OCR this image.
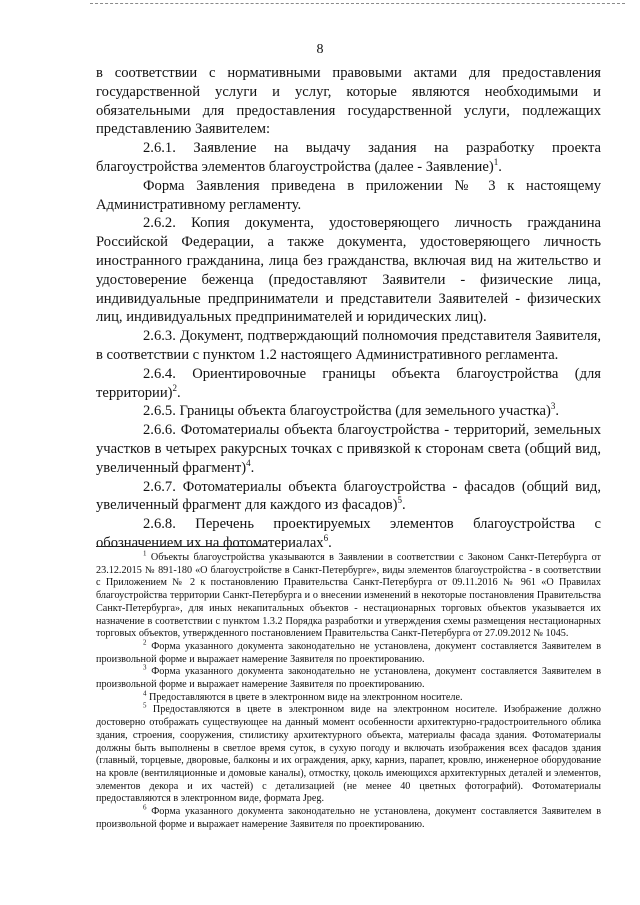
8

в соответствии с нормативными правовыми актами для предоставления государственной услуги и услуг, которые являются необходимыми и обязательными для предоставления государственной услуги, подлежащих представлению Заявителем:

2.6.1. Заявление на выдачу задания на разработку проекта благоустройства элементов благоустройства (далее - Заявление)$^1$.

Форма Заявления приведена в приложении № 3 к настоящему Административному регламенту.

2.6.2. Копия документа, удостоверяющего личность гражданина Российской Федерации, а также документа, удостоверяющего личность иностранного гражданина, лица без гражданства, включая вид на жительство и удостоверение беженца (предоставляют Заявители - физические лица, индивидуальные предприниматели и представители Заявителей - физических лиц, индивидуальных предпринимателей и юридических лиц).

2.6.3. Документ, подтверждающий полномочия представителя Заявителя, в соответствии с пунктом 1.2 настоящего Административного регламента.

2.6.4. Ориентировочные границы объекта благоустройства (для территории)$^2$.

2.6.5. Границы объекта благоустройства (для земельного участка)$^3$.

2.6.6. Фотоматериалы объекта благоустройства - территорий, земельных участков в четырех ракурсных точках с привязкой к сторонам света (общий вид, увеличенный фрагмент)$^4$.

2.6.7. Фотоматериалы объекта благоустройства - фасадов (общий вид, увеличенный фрагмент для каждого из фасадов)$^5$.

2.6.8. Перечень проектируемых элементов благоустройства с обозначением их на фотоматериалах$^6$.

$^1$ Объекты благоустройства указываются в Заявлении в соответствии с Законом Санкт-Петербурга от 23.12.2015 № 891-180 «О благоустройстве в Санкт-Петербурге», виды элементов благоустройства - в соответствии с Приложением № 2 к постановлению Правительства Санкт-Петербурга от 09.11.2016 № 961 «О Правилах благоустройства территории Санкт-Петербурга и о внесении изменений в некоторые постановления Правительства Санкт-Петербурга», для иных некапитальных объектов - нестационарных торговых объектов указывается их назначение в соответствии с пунктом 1.3.2 Порядка разработки и утверждения схемы размещения нестационарных торговых объектов, утвержденного постановлением Правительства Санкт-Петербурга от 27.09.2012 № 1045.

$^2$ Форма указанного документа законодательно не установлена, документ составляется Заявителем в произвольной форме и выражает намерение Заявителя по проектированию.

$^3$ Форма указанного документа законодательно не установлена, документ составляется Заявителем в произвольной форме и выражает намерение Заявителя по проектированию.

$^4$ Предоставляются в цвете в электронном виде на электронном носителе.

$^5$ Предоставляются в цвете в электронном виде на электронном носителе. Изображение должно достоверно отображать существующее на данный момент особенности архитектурно-градостроительного облика здания, строения, сооружения, стилистику архитектурного объекта, материалы фасада здания. Фотоматериалы должны быть выполнены в светлое время суток, в сухую погоду и включать изображения всех фасадов здания (главный, торцевые, дворовые, балконы и их ограждения, арку, карниз, парапет, кровлю, инженерное оборудование на кровле (вентиляционные и домовые каналы), отмостку, цоколь имеющихся архитектурных деталей и элементов, элементов декора и их частей) с детализацией (не менее 40 цветных фотографий). Фотоматериалы предоставляются в электронном виде, формата Jpeg.

$^6$ Форма указанного документа законодательно не установлена, документ составляется Заявителем в произвольной форме и выражает намерение Заявителя по проектированию.
